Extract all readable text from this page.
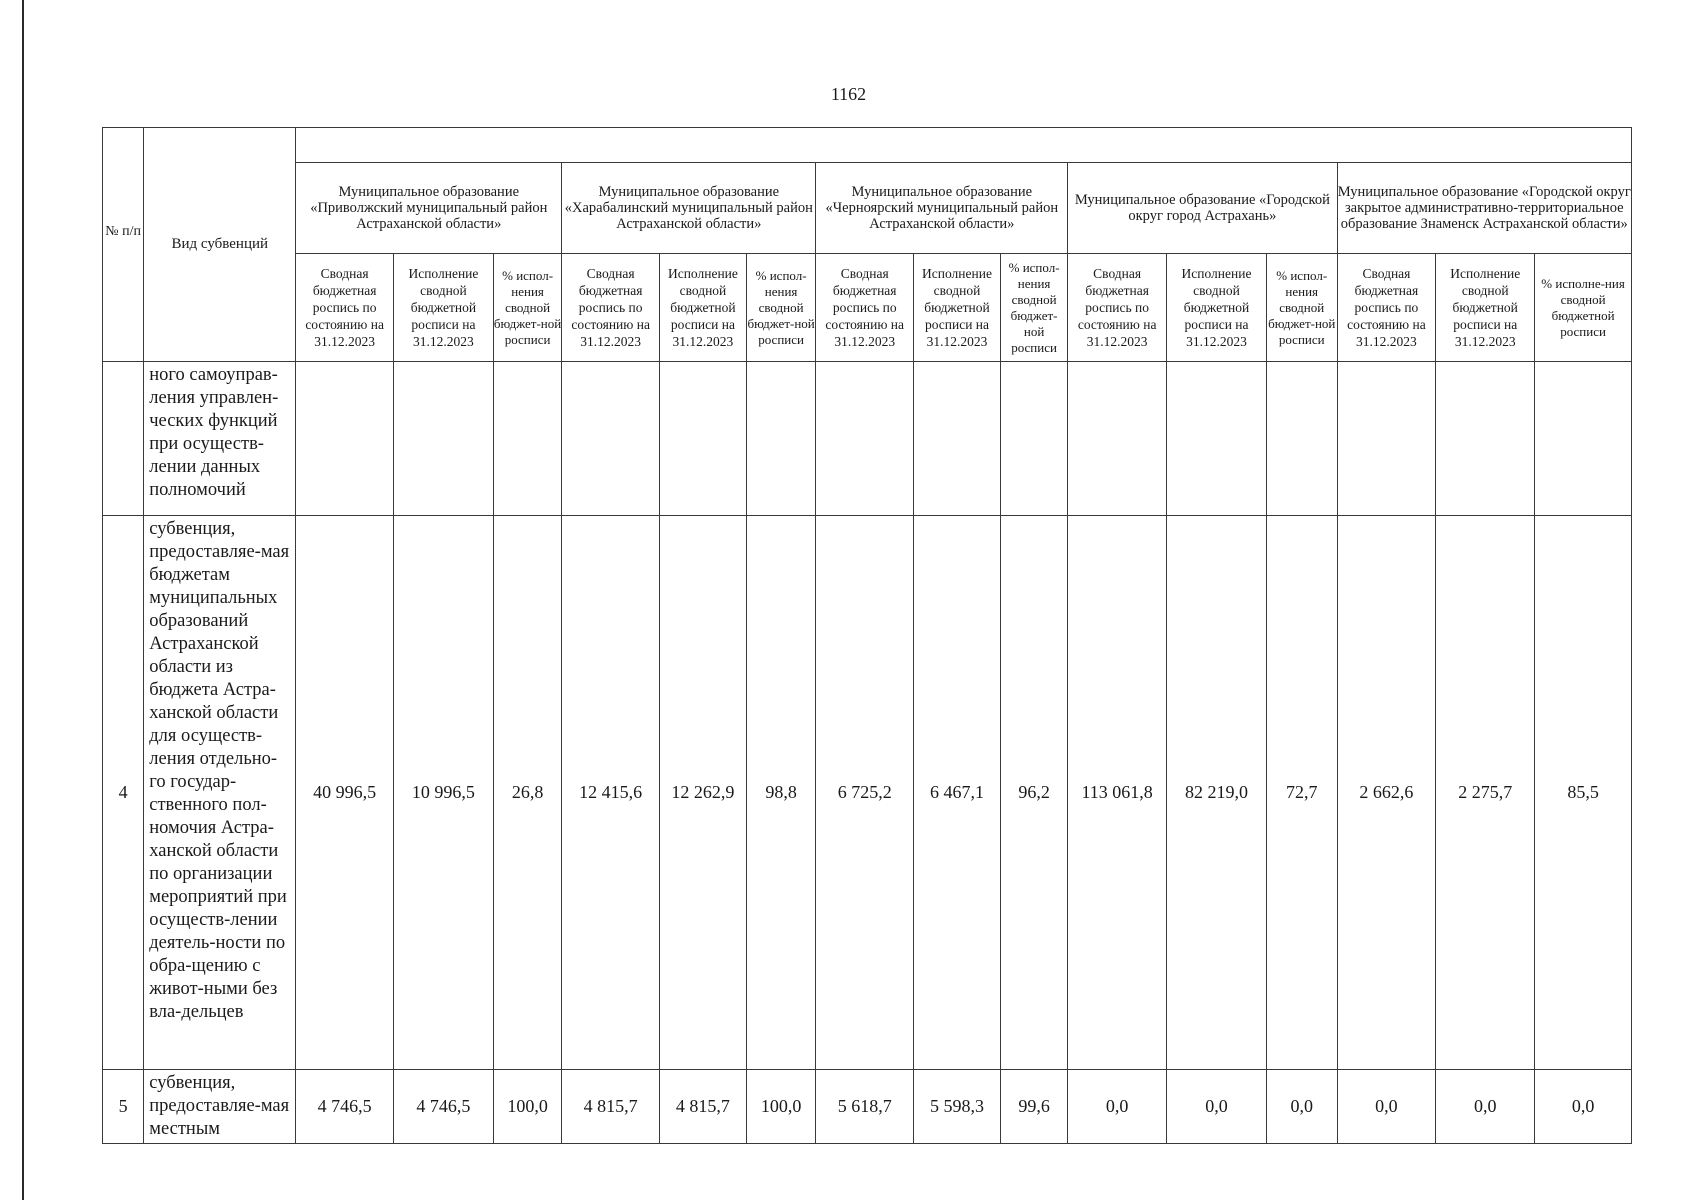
1162
№ п/п	Вид субвенций															
		Муниципальное образование «Приволжский муниципальный район Астраханской области»			Муниципальное образование «Харабалинский муниципальный район Астраханской области»			Муниципальное образование «Черноярский муниципальный район Астраханской области»			Муниципальное образование «Городской округ город Астрахань»			Муниципальное образование «Городской округ закрытое административно-территориальное образование Знаменск Астраханской области»		
		Сводная бюджетная роспись по состоянию на 31.12.2023	Исполнение сводной бюджетной росписи на 31.12.2023	% испол-нения сводной бюджет-ной росписи	Сводная бюджетная роспись по состоянию на 31.12.2023	Исполнение сводной бюджетной росписи на 31.12.2023	% испол-нения сводной бюджет-ной росписи	Сводная бюджетная роспись по состоянию на 31.12.2023	Исполнение сводной бюджетной росписи на 31.12.2023	% испол-нения сводной бюджет-ной росписи	Сводная бюджетная роспись по состоянию на 31.12.2023	Исполнение сводной бюджетной росписи на 31.12.2023	% испол-нения сводной бюджет-ной росписи	Сводная бюджетная роспись по состоянию на 31.12.2023	Исполнение сводной бюджетной росписи на 31.12.2023	% исполне-ния сводной бюджетной росписи
	ного самоуправ-ления управлен-ческих функций при осуществ-лении данных полномочий															
4	субвенция, предоставляе-мая бюджетам муниципальных образований Астраханской области из бюджета Астра-ханской области для осуществ-ления отдельно-го государ-ственного пол-номочия Астра-ханской области по организации мероприятий при осуществ-лении деятель-ности по обра-щению с живот-ными без вла-дельцев	40 996,5	10 996,5	26,8	12 415,6	12 262,9	98,8	6 725,2	6 467,1	96,2	113 061,8	82 219,0	72,7	2 662,6	2 275,7	85,5
5	субвенция, предоставляе-мая местным	4 746,5	4 746,5	100,0	4 815,7	4 815,7	100,0	5 618,7	5 598,3	99,6	0,0	0,0	0,0	0,0	0,0	0,0
